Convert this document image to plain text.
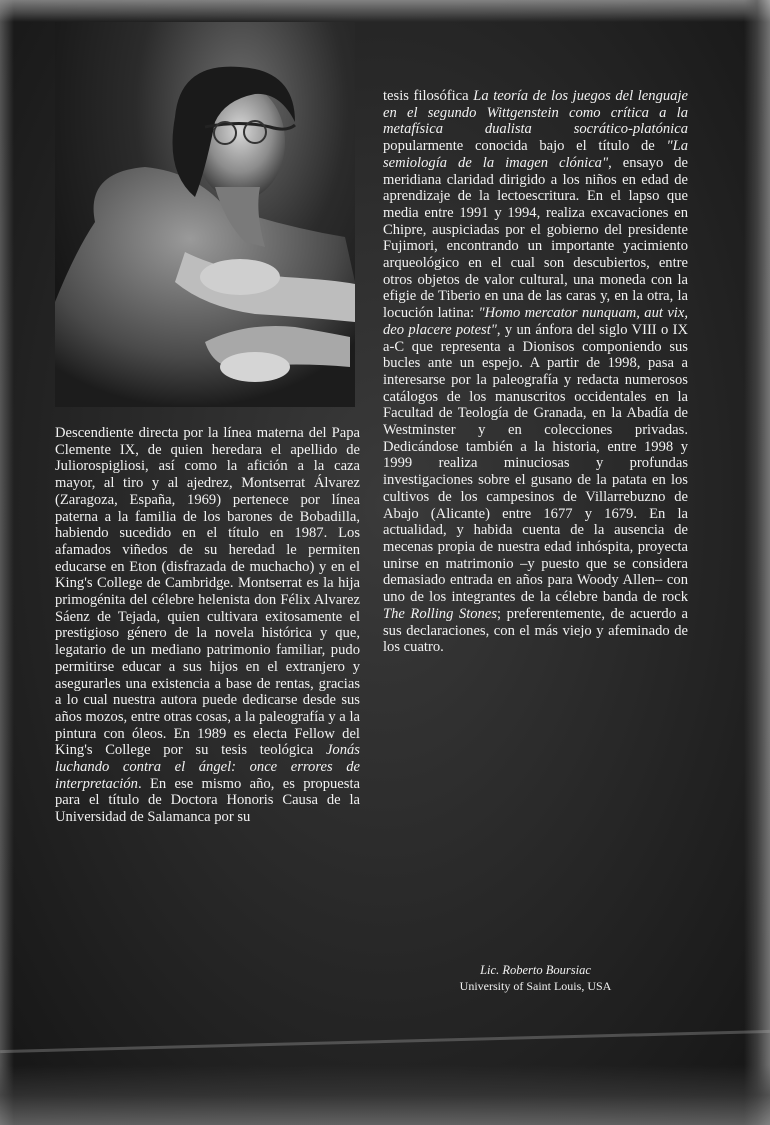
Descendiente directa por la línea materna del Papa Clemente IX, de quien heredara el apellido de Juliorospigliosi, así como la afición a la caza mayor, al tiro y al ajedrez, Montserrat Álvarez (Zaragoza, España, 1969) pertenece por línea paterna a la familia de los barones de Bobadilla, habiendo sucedido en el título en 1987. Los afamados viñedos de su heredad le permiten educarse en Eton (disfrazada de muchacho) y en el King's College de Cambridge. Montserrat es la hija primogénita del célebre helenista don Félix Alvarez Sáenz de Tejada, quien cultivara exitosamente el prestigioso género de la novela histórica y que, legatario de un mediano patrimonio familiar, pudo permitirse educar a sus hijos en el extranjero y asegurarles una existencia a base de rentas, gracias a lo cual nuestra autora puede dedicarse desde sus años mozos, entre otras cosas, a la paleografía y a la pintura con óleos. En 1989 es electa Fellow del King's College por su tesis teológica Jonás luchando contra el ángel: once errores de interpretación. En ese mismo año, es propuesta para el título de Doctora Honoris Causa de la Universidad de Salamanca por su

tesis filosófica La teoría de los juegos del lenguaje en el segundo Wittgenstein como crítica a la metafísica dualista socrático-platónica popularmente conocida bajo el título de "La semiología de la imagen clónica", ensayo de meridiana claridad dirigido a los niños en edad de aprendizaje de la lectoescritura. En el lapso que media entre 1991 y 1994, realiza excavaciones en Chipre, auspiciadas por el gobierno del presidente Fujimori, encontrando un importante yacimiento arqueológico en el cual son descubiertos, entre otros objetos de valor cultural, una moneda con la efigie de Tiberio en una de las caras y, en la otra, la locución latina: "Homo mercator nunquam, aut vix, deo placere potest", y un ánfora del siglo VIII o IX a-C que representa a Dionisos componiendo sus bucles ante un espejo. A partir de 1998, pasa a interesarse por la paleografía y redacta numerosos catálogos de los manuscritos occidentales en la Facultad de Teología de Granada, en la Abadía de Westminster y en colecciones privadas. Dedicándose también a la historia, entre 1998 y 1999 realiza minuciosas y profundas investigaciones sobre el gusano de la patata en los cultivos de los campesinos de Villarrebuzno de Abajo (Alicante) entre 1677 y 1679. En la actualidad, y habida cuenta de la ausencia de mecenas propia de nuestra edad inhóspita, proyecta unirse en matrimonio –y puesto que se considera demasiado entrada en años para Woody Allen– con uno de los integrantes de la célebre banda de rock The Rolling Stones; preferentemente, de acuerdo a sus declaraciones, con el más viejo y afeminado de los cuatro.

Lic. Roberto Boursiac
University of Saint Louis, USA
